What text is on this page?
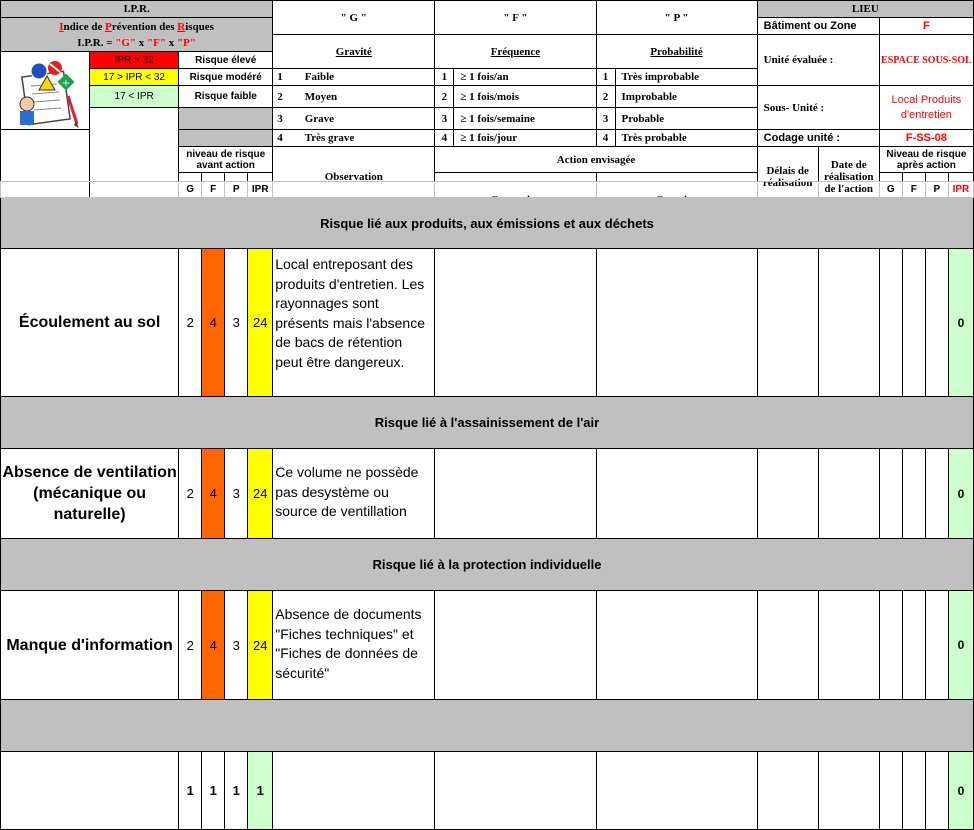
I.P.R.						" G "	" F "		" P "		LIEU					

Indice de Prévention des Risques
I.P.R. = "G" x "F" x "P"											Bâtiment ou Zone		F			
						Gravité	Fréquence		Probabilité		Unité évaluée :		ESPACE SOUS-SOL			

+	IPR > 32	Risque élevé														
	17 > IPR < 32	Risque modéré				1 Faible	1	≥ 1 fois/an	1	Très improbable						
	17 < IPR	Risque faible				2 Moyen	2	≥ 1 fois/mois	2	Improbable	Sous- Unité :		Local Produits d'entretien			
						3 Grave	3	≥ 1 fois/semaine	3	Probable						
						4 Très grave	4	≥ 1 fois/jour	4	Très probable	Codage unité :		F-SS-08			
		niveau de risque avant action				Observation	Action envisagée				Délais de réalisation	Date de réalisation de l'action	Niveau de risque après action			
		G	F	P	IPR								G	F	P	IPR

Risque lié aux produits, aux émissions et aux déchets													
Écoulement au sol	2	4	3	24	Local entreposant des produits d'entretien. Les rayonnages sont présents mais l'absence de bacs de rétention peut être dangereux.								0
Risque lié à l'assainissement de l'air													
Absence de ventilation (mécanique ou naturelle)	2	4	3	24	Ce volume ne possède pas desystème ou source de ventillation								0
Risque lié à la protection individuelle													
Manque d'information	2	4	3	24	Absence de documents "Fiches techniques" et "Fiches de données de sécurité"								0

	1	1	1	1									0
